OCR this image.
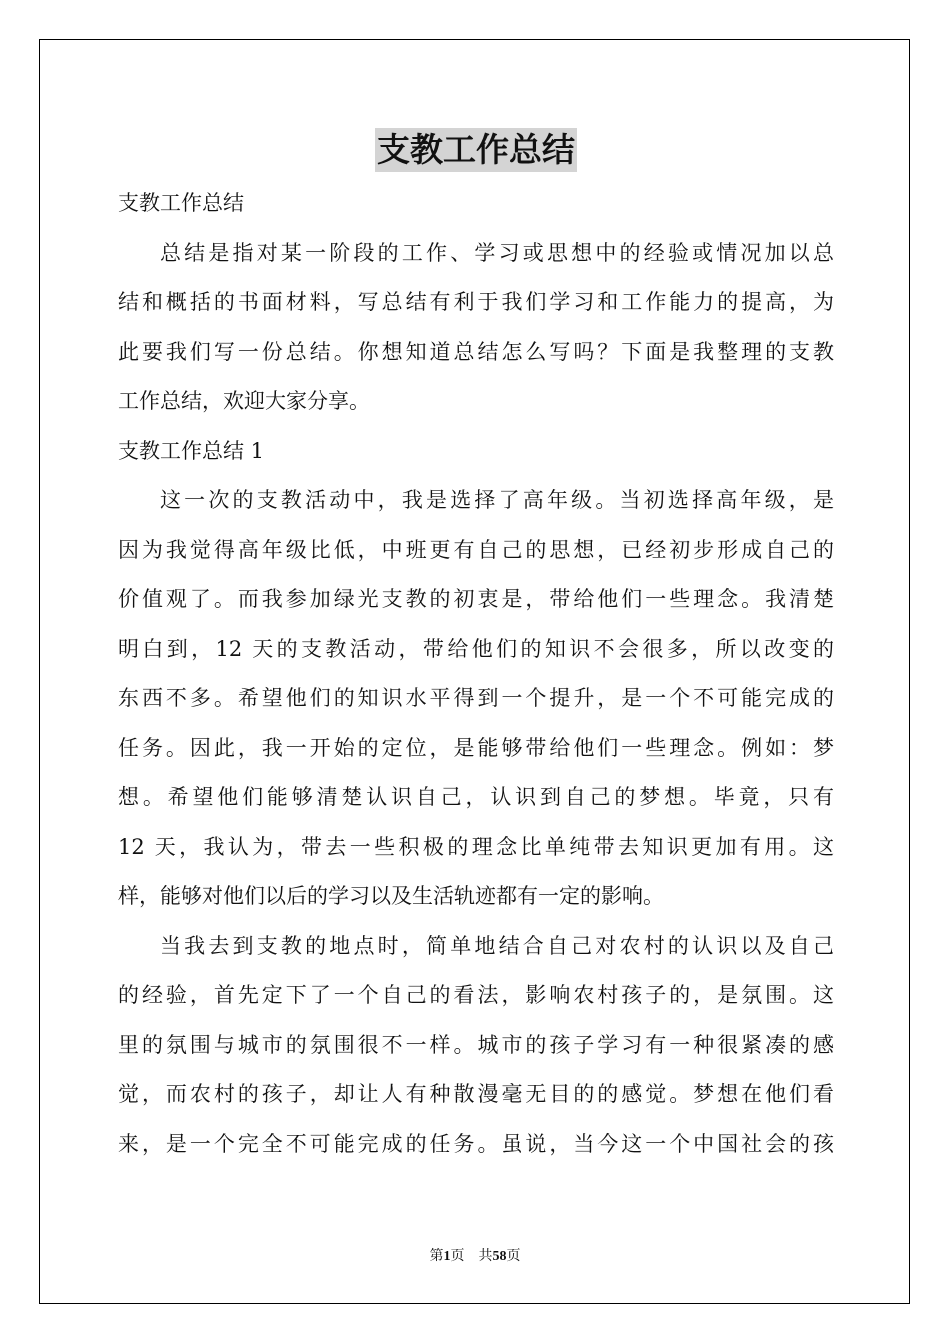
支教工作总结
支教工作总结
总结是指对某一阶段的工作、学习或思想中的经验或情况加以总
结和概括的书面材料，写总结有利于我们学习和工作能力的提高，为
此要我们写一份总结。你想知道总结怎么写吗？下面是我整理的支教
工作总结，欢迎大家分享。
支教工作总结 1
这一次的支教活动中，我是选择了高年级。当初选择高年级，是
因为我觉得高年级比低，中班更有自己的思想，已经初步形成自己的
价值观了。而我参加绿光支教的初衷是，带给他们一些理念。我清楚
明白到，12 天的支教活动，带给他们的知识不会很多，所以改变的
东西不多。希望他们的知识水平得到一个提升，是一个不可能完成的
任务。因此，我一开始的定位，是能够带给他们一些理念。例如：梦
想。希望他们能够清楚认识自己，认识到自己的梦想。毕竟，只有
12 天，我认为，带去一些积极的理念比单纯带去知识更加有用。这
样，能够对他们以后的学习以及生活轨迹都有一定的影响。
当我去到支教的地点时，简单地结合自己对农村的认识以及自己
的经验，首先定下了一个自己的看法，影响农村孩子的，是氛围。这
里的氛围与城市的氛围很不一样。城市的孩子学习有一种很紧凑的感
觉，而农村的孩子，却让人有种散漫毫无目的的感觉。梦想在他们看
来，是一个完全不可能完成的任务。虽说，当今这一个中国社会的孩
第1页 共58页
